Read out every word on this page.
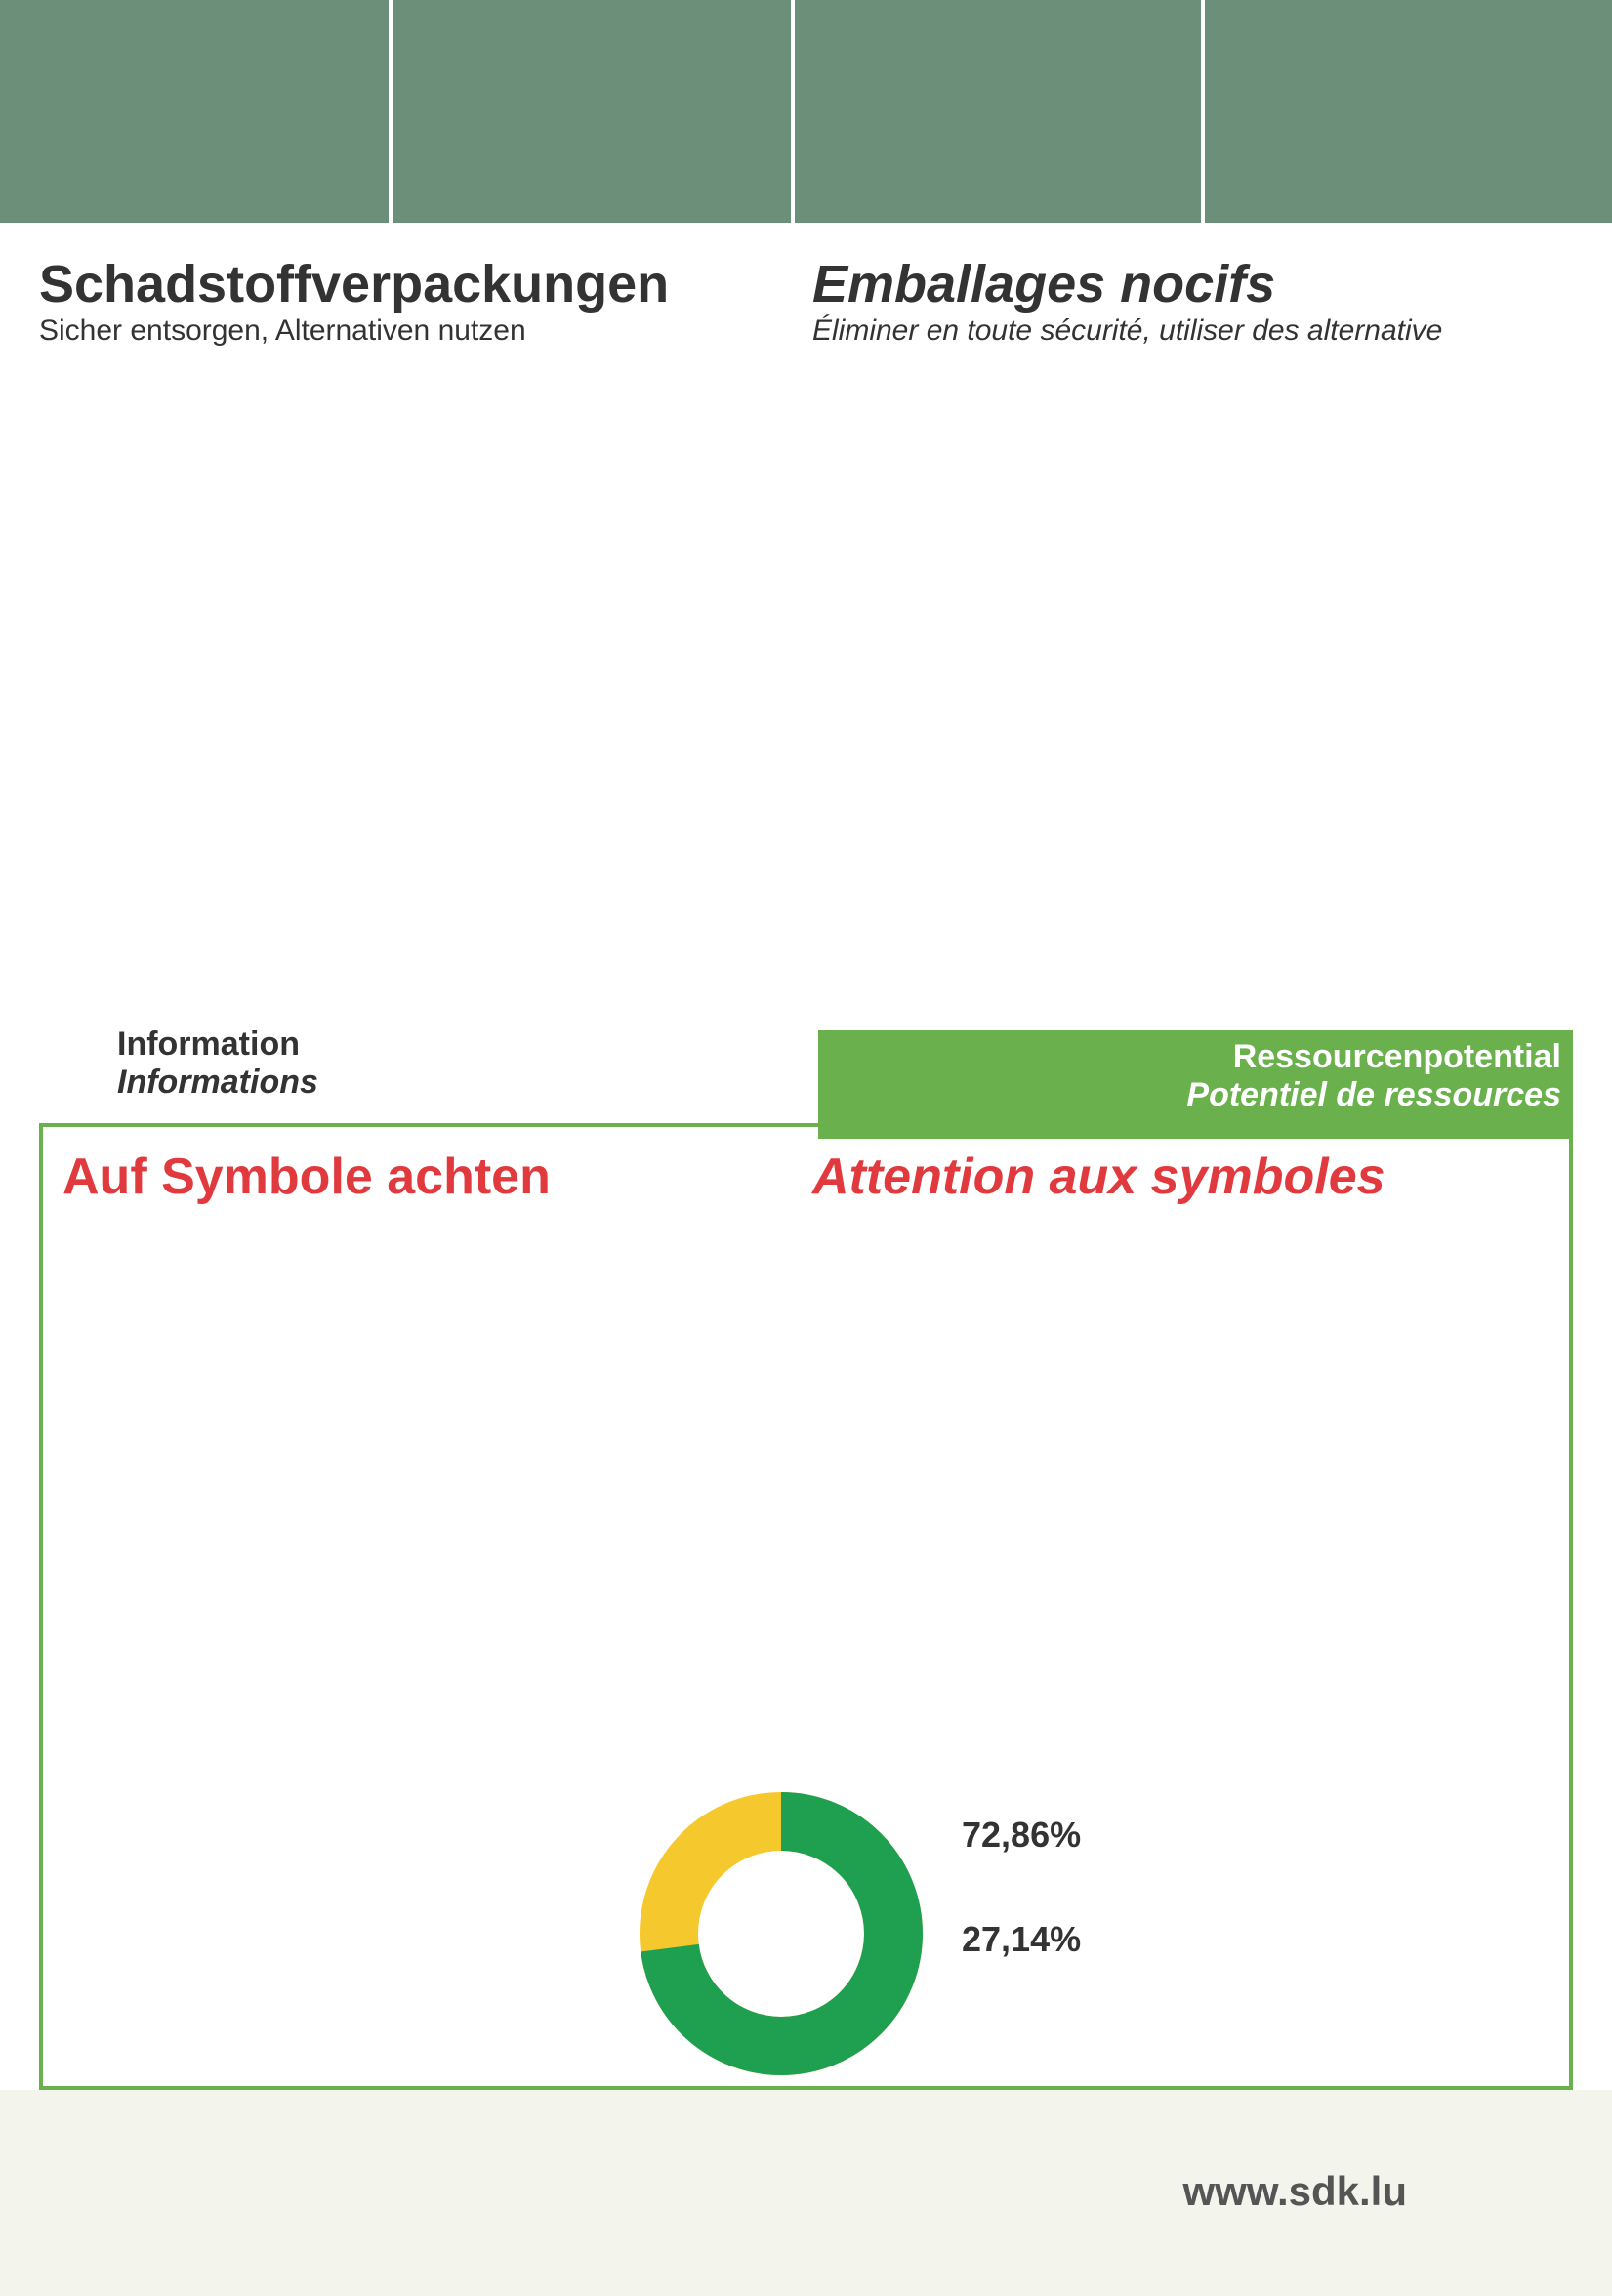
Schadstoffverpackungen
Sicher entsorgen, Alternativen nutzen
Emballages nocifs
Éliminer en toute sécurité, utiliser des alternative
Information
Informations
Ressourcenpotential
Potentiel de ressources
Auf Symbole achten	Attention aux symboles
72,86%
27,14%
www.sdk.lu
